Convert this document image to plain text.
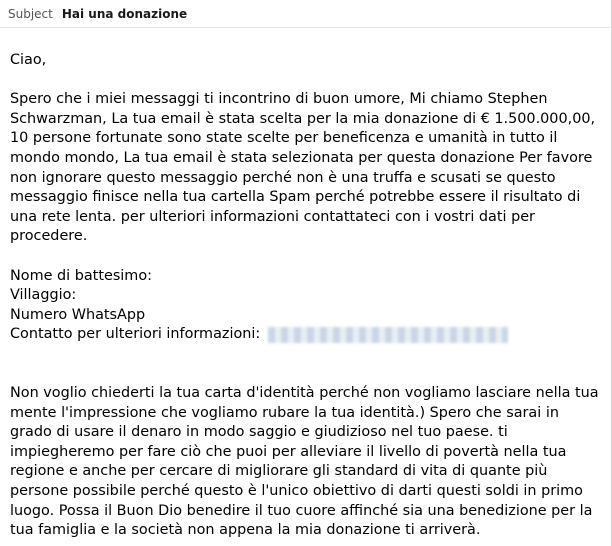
Subject Hai una donazione

Ciao,

Spero che i miei messaggi ti incontrino di buon umore, Mi chiamo Stephen Schwarzman, La tua email è stata scelta per la mia donazione di € 1.500.000,00, 10 persone fortunate sono state scelte per beneficenza e umanità in tutto il mondo mondo, La tua email è stata selezionata per questa donazione Per favore non ignorare questo messaggio perché non è una truffa e scusati se questo messaggio finisce nella tua cartella Spam perché potrebbe essere il risultato di una rete lenta. per ulteriori informazioni contattateci con i vostri dati per procedere.

Nome di battesimo:

Villaggio:

Numero WhatsApp

Contatto per ulteriori informazioni:

Non voglio chiederti la tua carta d'identità perché non vogliamo lasciare nella tua mente l'impressione che vogliamo rubare la tua identità.) Spero che sarai in grado di usare il denaro in modo saggio e giudizioso nel tuo paese. ti impiegheremo per fare ciò che puoi per alleviare il livello di povertà nella tua regione e anche per cercare di migliorare gli standard di vita di quante più persone possibile perché questo è l'unico obiettivo di darti questi soldi in primo luogo. Possa il Buon Dio benedire il tuo cuore affinché sia una benedizione per la tua famiglia e la società non appena la mia donazione ti arriverà.
